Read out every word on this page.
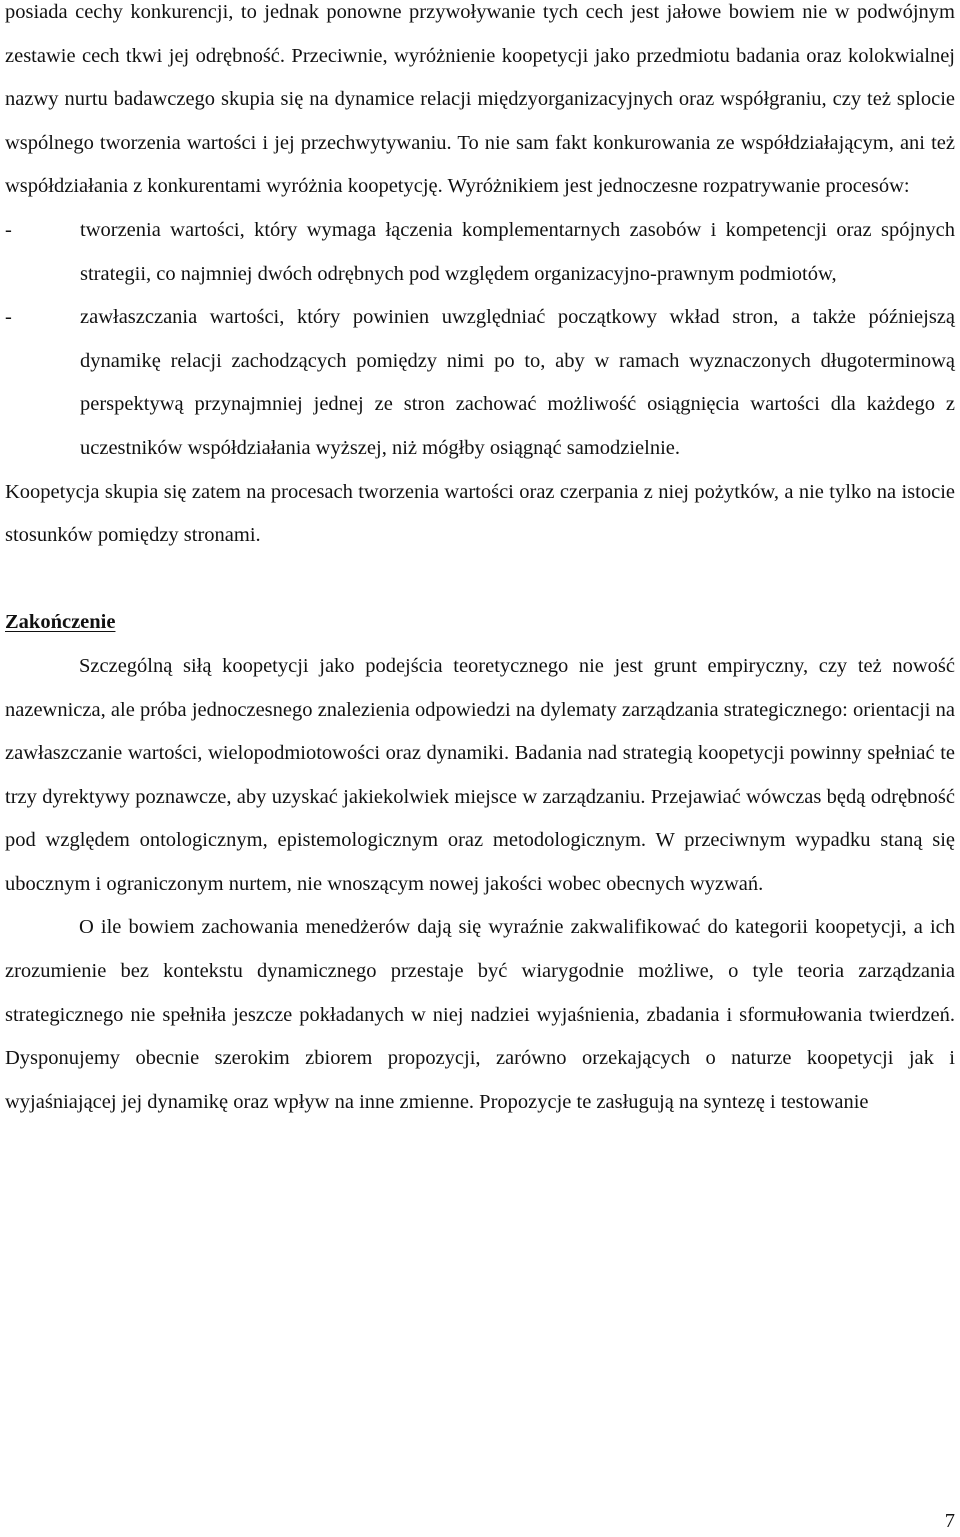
posiada cechy konkurencji, to jednak ponowne przywoływanie tych cech jest jałowe bowiem nie w podwójnym zestawie cech tkwi jej odrębność. Przeciwnie, wyróżnienie koopetycji jako przedmiotu badania oraz kolokwialnej nazwy nurtu badawczego skupia się na dynamice relacji międzyorganizacyjnych oraz współgraniu, czy też splocie wspólnego tworzenia wartości i jej przechwytywaniu. To nie sam fakt konkurowania ze współdziałającym, ani też współdziałania z konkurentami wyróżnia koopetycję. Wyróżnikiem jest jednoczesne rozpatrywanie procesów:

-	tworzenia wartości, który wymaga łączenia komplementarnych zasobów i kompetencji oraz spójnych strategii, co najmniej dwóch odrębnych pod względem organizacyjno-prawnym podmiotów,
-	zawłaszczania wartości, który powinien uwzględniać początkowy wkład stron, a także późniejszą dynamikę relacji zachodzących pomiędzy nimi po to, aby w ramach wyznaczonych długoterminową perspektywą przynajmniej jednej ze stron zachować możliwość osiągnięcia wartości dla każdego z uczestników współdziałania wyższej, niż mógłby osiągnąć samodzielnie.

Koopetycja skupia się zatem na procesach tworzenia wartości oraz czerpania z niej pożytków, a nie tylko na istocie stosunków pomiędzy stronami.

Zakończenie

Szczególną siłą koopetycji jako podejścia teoretycznego nie jest grunt empiryczny, czy też nowość nazewnicza, ale próba jednoczesnego znalezienia odpowiedzi na dylematy zarządzania strategicznego: orientacji na zawłaszczanie wartości, wielopodmiotowości oraz dynamiki. Badania nad strategią koopetycji powinny spełniać te trzy dyrektywy poznawcze, aby uzyskać jakiekolwiek miejsce w zarządzaniu. Przejawiać wówczas będą odrębność pod względem ontologicznym, epistemologicznym oraz metodologicznym. W przeciwnym wypadku staną się ubocznym i ograniczonym nurtem, nie wnoszącym nowej jakości wobec obecnych wyzwań.

O ile bowiem zachowania menedżerów dają się wyraźnie zakwalifikować do kategorii koopetycji, a ich zrozumienie bez kontekstu dynamicznego przestaje być wiarygodnie możliwe, o tyle teoria zarządzania strategicznego nie spełniła jeszcze pokładanych w niej nadziei wyjaśnienia, zbadania i sformułowania twierdzeń. Dysponujemy obecnie szerokim zbiorem propozycji, zarówno orzekających o naturze koopetycji jak i wyjaśniającej jej dynamikę oraz wpływ na inne zmienne. Propozycje te zasługują na syntezę i testowanie

7
